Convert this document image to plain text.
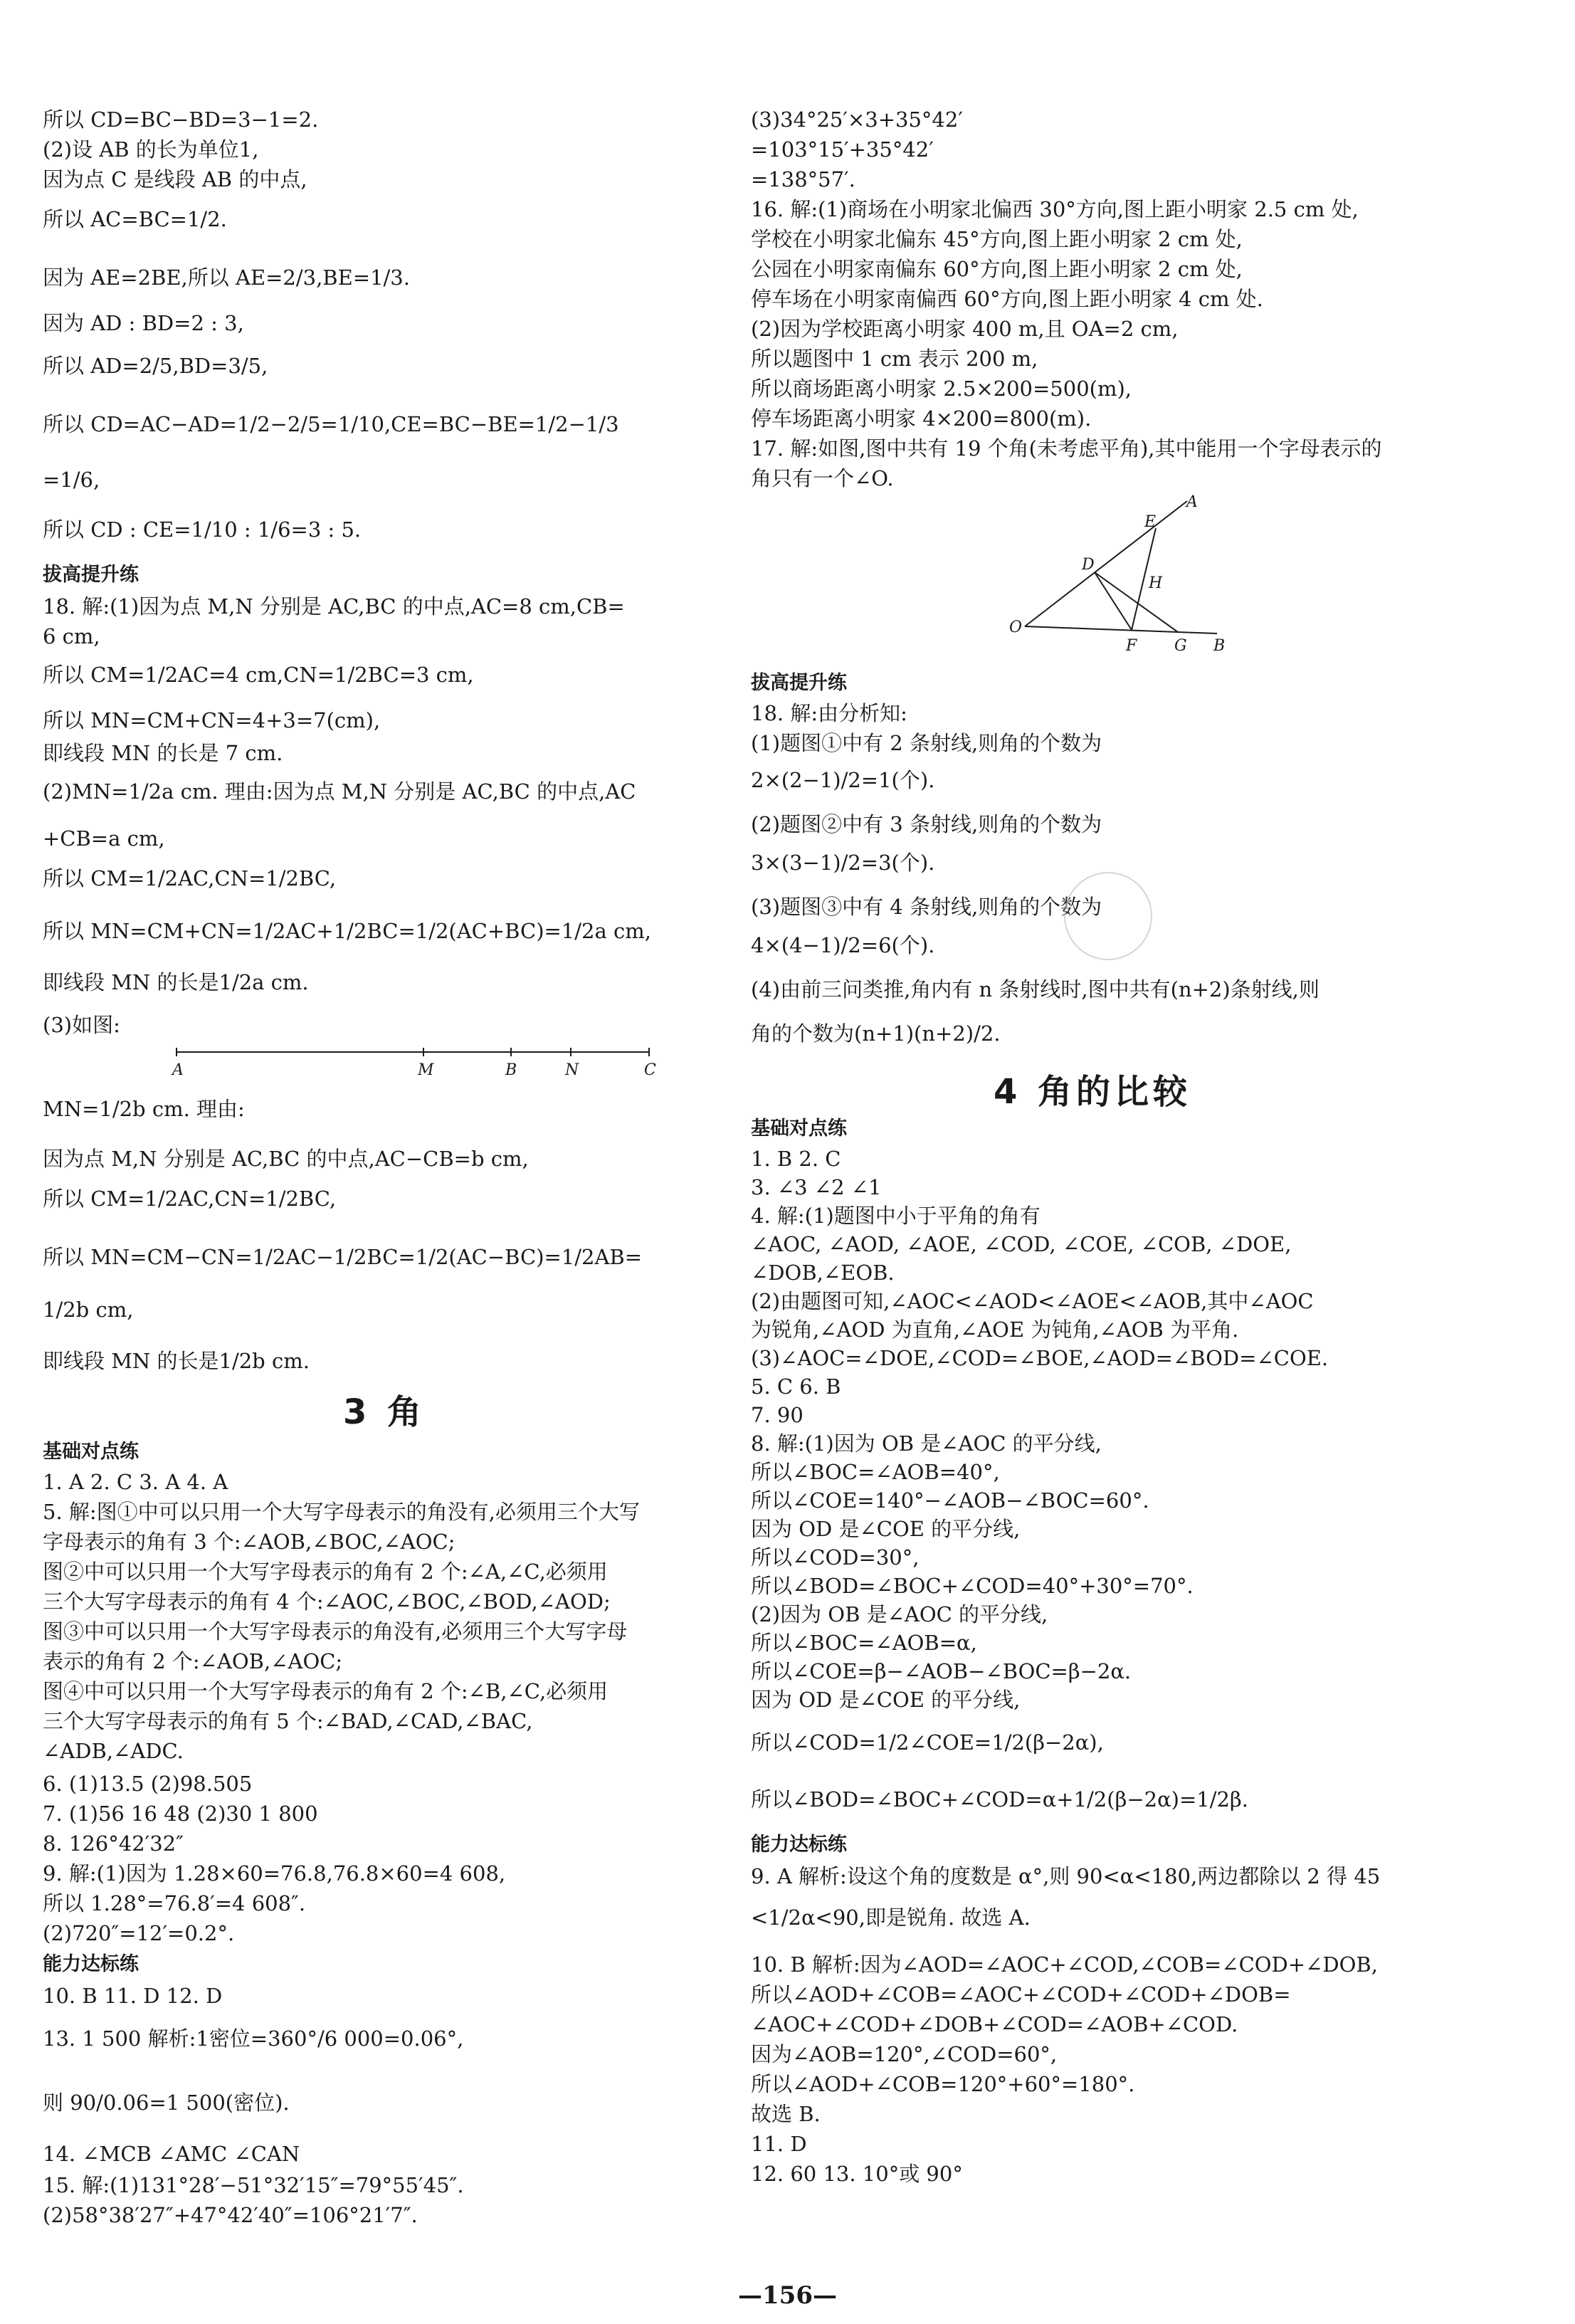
所以 CD=BC−BD=3−1=2.
(2)设 AB 的长为单位1,
因为点 C 是线段 AB 的中点,
所以 AC=BC=1/2.
因为 AE=2BE,所以 AE=2/3,BE=1/3.
因为 AD : BD=2 : 3,
所以 AD=2/5,BD=3/5,
所以 CD=AC−AD=1/2−2/5=1/10,CE=BC−BE=1/2−1/3
=1/6,
所以 CD : CE=1/10 : 1/6=3 : 5.
拔高提升练
18. 解:(1)因为点 M,N 分别是 AC,BC 的中点,AC=8 cm,CB=
6 cm,
所以 CM=1/2AC=4 cm,CN=1/2BC=3 cm,
所以 MN=CM+CN=4+3=7(cm),
即线段 MN 的长是 7 cm.
(2)MN=1/2a cm. 理由:因为点 M,N 分别是 AC,BC 的中点,AC
+CB=a cm,
所以 CM=1/2AC,CN=1/2BC,
所以 MN=CM+CN=1/2AC+1/2BC=1/2(AC+BC)=1/2a cm,
即线段 MN 的长是1/2a cm.
(3)如图:
A	M	B	N	C
MN=1/2b cm. 理由:
因为点 M,N 分别是 AC,BC 的中点,AC−CB=b cm,
所以 CM=1/2AC,CN=1/2BC,
所以 MN=CM−CN=1/2AC−1/2BC=1/2(AC−BC)=1/2AB=
1/2b cm,
即线段 MN 的长是1/2b cm.
3 角
基础对点练
1. A 2. C 3. A 4. A
5. 解:图①中可以只用一个大写字母表示的角没有,必须用三个大写
字母表示的角有 3 个:∠AOB,∠BOC,∠AOC;
图②中可以只用一个大写字母表示的角有 2 个:∠A,∠C,必须用
三个大写字母表示的角有 4 个:∠AOC,∠BOC,∠BOD,∠AOD;
图③中可以只用一个大写字母表示的角没有,必须用三个大写字母
表示的角有 2 个:∠AOB,∠AOC;
图④中可以只用一个大写字母表示的角有 2 个:∠B,∠C,必须用
三个大写字母表示的角有 5 个:∠BAD,∠CAD,∠BAC,
∠ADB,∠ADC.
6. (1)13.5 (2)98.505
7. (1)56 16 48 (2)30 1 800
8. 126°42′32″
9. 解:(1)因为 1.28×60=76.8,76.8×60=4 608,
所以 1.28°=76.8′=4 608″.
(2)720″=12′=0.2°.
能力达标练
10. B 11. D 12. D
13. 1 500 解析:1密位=360°/6 000=0.06°,
则 90/0.06=1 500(密位).
14. ∠MCB ∠AMC ∠CAN
15. 解:(1)131°28′−51°32′15″=79°55′45″.
(2)58°38′27″+47°42′40″=106°21′7″.
(3)34°25′×3+35°42′
=103°15′+35°42′
=138°57′.
16. 解:(1)商场在小明家北偏西 30°方向,图上距小明家 2.5 cm 处,
学校在小明家北偏东 45°方向,图上距小明家 2 cm 处,
公园在小明家南偏东 60°方向,图上距小明家 2 cm 处,
停车场在小明家南偏西 60°方向,图上距小明家 4 cm 处.
(2)因为学校距离小明家 400 m,且 OA=2 cm,
所以题图中 1 cm 表示 200 m,
所以商场距离小明家 2.5×200=500(m),
停车场距离小明家 4×200=800(m).
17. 解:如图,图中共有 19 个角(未考虑平角),其中能用一个字母表示的
角只有一个∠O.
A
E
D
H
O
F G B
拔高提升练
18. 解:由分析知:
(1)题图①中有 2 条射线,则角的个数为
2×(2−1)/2=1(个).
(2)题图②中有 3 条射线,则角的个数为
3×(3−1)/2=3(个).
(3)题图③中有 4 条射线,则角的个数为
4×(4−1)/2=6(个).
(4)由前三问类推,角内有 n 条射线时,图中共有(n+2)条射线,则
角的个数为(n+1)(n+2)/2.
4 角的比较
基础对点练
1. B 2. C
3. ∠3 ∠2 ∠1
4. 解:(1)题图中小于平角的角有
∠AOC, ∠AOD, ∠AOE, ∠COD, ∠COE, ∠COB, ∠DOE,
∠DOB,∠EOB.
(2)由题图可知,∠AOC<∠AOD<∠AOE<∠AOB,其中∠AOC
为锐角,∠AOD 为直角,∠AOE 为钝角,∠AOB 为平角.
(3)∠AOC=∠DOE,∠COD=∠BOE,∠AOD=∠BOD=∠COE.
5. C 6. B
7. 90
8. 解:(1)因为 OB 是∠AOC 的平分线,
所以∠BOC=∠AOB=40°,
所以∠COE=140°−∠AOB−∠BOC=60°.
因为 OD 是∠COE 的平分线,
所以∠COD=30°,
所以∠BOD=∠BOC+∠COD=40°+30°=70°.
(2)因为 OB 是∠AOC 的平分线,
所以∠BOC=∠AOB=α,
所以∠COE=β−∠AOB−∠BOC=β−2α.
因为 OD 是∠COE 的平分线,
所以∠COD=1/2∠COE=1/2(β−2α),
所以∠BOD=∠BOC+∠COD=α+1/2(β−2α)=1/2β.
能力达标练
9. A 解析:设这个角的度数是 α°,则 90<α<180,两边都除以 2 得 45
<1/2α<90,即是锐角. 故选 A.
10. B 解析:因为∠AOD=∠AOC+∠COD,∠COB=∠COD+∠DOB,
所以∠AOD+∠COB=∠AOC+∠COD+∠COD+∠DOB=
∠AOC+∠COD+∠DOB+∠COD=∠AOB+∠COD.
因为∠AOB=120°,∠COD=60°,
所以∠AOD+∠COB=120°+60°=180°.
故选 B.
11. D
12. 60 13. 10°或 90°
—156—
